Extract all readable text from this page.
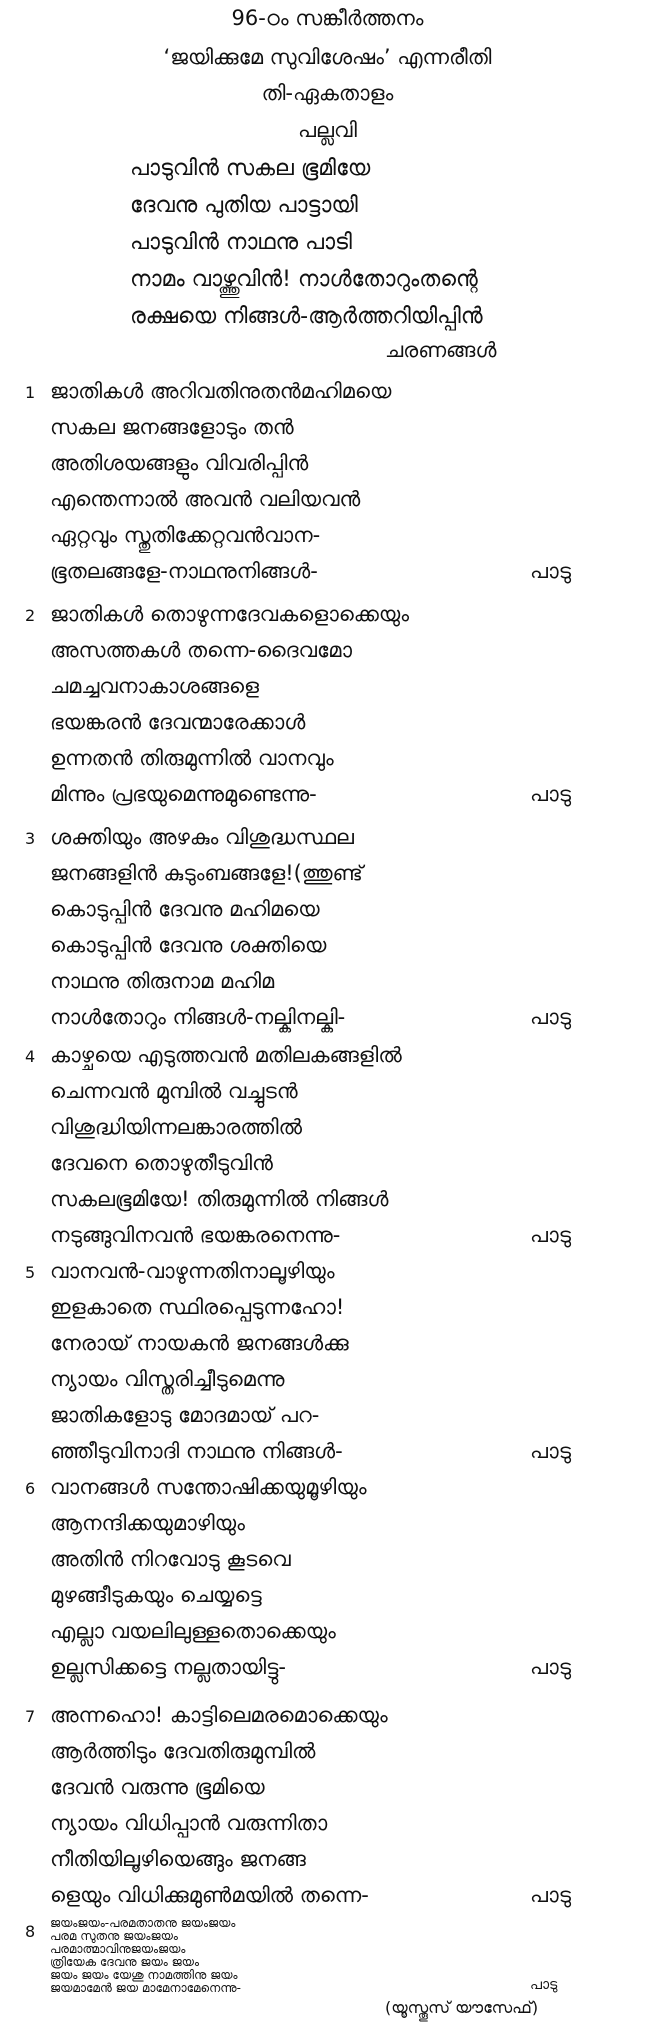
96-ഠം സങ്കീർത്തനം
‘ജയിക്കുമേ സുവിശേഷം’ എന്നരീതി
തി-ഏകതാളം
പല്ലവി
പാടുവിൻ സകല ഭൂമിയേ
ദേവനു പുതിയ പാട്ടായി
പാടുവിൻ നാഥനു പാടി
നാമം വാഴ്ത്തുവിൻ! നാൾതോറുംതന്റെ
രക്ഷയെ നിങ്ങൾ-ആർത്തറിയിപ്പിൻ
ചരണങ്ങൾ
1 ജാതികൾ അറിവതിനുതൻമഹിമയെ
സകല ജനങ്ങളോടും തൻ
അതിശയങ്ങളും വിവരിപ്പിൻ
എന്തെന്നാൽ അവൻ വലിയവൻ
ഏറ്റവും സ്തുതിക്കേറ്റവൻവാന-
ഭൂതലങ്ങളേ-നാഥനുനിങ്ങൾ-	പാടു
2 ജാതികൾ തൊഴുന്നദേവകളൊക്കെയും
അസത്തകൾ തന്നെ-ദൈവമോ
ചമച്ചവനാകാശങ്ങളെ
ഭയങ്കരൻ ദേവന്മാരേക്കാൾ
ഉന്നതൻ തിരുമുന്നിൽ വാനവും
മിന്നും പ്രഭയുമെന്നുമുണ്ടെന്നു-	പാടു
3 ശക്തിയും അഴകും വിശുദ്ധസ്ഥല
ജനങ്ങളിൻ കുടുംബങ്ങളേ!(ത്തുണ്ട്
കൊടുപ്പിൻ ദേവനു മഹിമയെ
കൊടുപ്പിൻ ദേവനു ശക്തിയെ
നാഥനു തിരുനാമ മഹിമ
നാൾതോറും നിങ്ങൾ-നല്കിനല്കി-	പാടു
4 കാഴ്ചയെ എടുത്തവൻ മതിലകങ്ങളിൽ
ചെന്നവൻ മുമ്പിൽ വച്ചുടൻ
വിശുദ്ധിയിന്നലങ്കാരത്തിൽ
ദേവനെ തൊഴുതീടുവിൻ
സകലഭൂമിയേ! തിരുമുന്നിൽ നിങ്ങൾ
നടുങ്ങുവിനവൻ ഭയങ്കരനെന്നു-	പാടു
5 വാനവൻ-വാഴുന്നതിനാലൂഴിയും
ഇളകാതെ സ്ഥിരപ്പെടുന്നഹോ!
നേരായ് നായകൻ ജനങ്ങൾക്കു
ന്യായം വിസ്തരിച്ചീടുമെന്നു
ജാതികളോടു മോദമായ് പറ-
ഞ്ഞീടുവിനാദി നാഥനു നിങ്ങൾ-	പാടു
6 വാനങ്ങൾ സന്തോഷിക്കയുമൂഴിയും
ആനന്ദിക്കയുമാഴിയും
അതിൻ നിറവോടു കൂടവെ
മുഴങ്ങീടുകയും ചെയ്യട്ടെ
എല്ലാ വയലിലുള്ളതൊക്കെയും
ഉല്ലസിക്കട്ടെ നല്ലതായിട്ടു-	പാടു
7 അന്നഹൊ! കാട്ടിലെമരമൊക്കെയും
ആർത്തിടും ദേവതിരുമുമ്പിൽ
ദേവൻ വരുന്നു ഭൂമിയെ
ന്യായം വിധിപ്പാൻ വരുന്നിതാ
നീതിയിലൂഴിയെങ്ങും ജനങ്ങ
ളെയും വിധിക്കുമുൺമയിൽ തന്നെ-	പാടു
8 ജയംജയം-പരമതാതനു ജയംജയം
പരമ സുതനു ജയംജയം
പരമാത്മാവിനുജയംജയം
ത്രിയേക ദേവനു ജയം ജയം
ജയം ജയം യേശു നാമത്തിനു ജയം
ജയമാമേൻ ജയ മാമേനാമേനെന്നു-	പാടു
(യൂസ്തൂസ് യൗസേഫ്)
